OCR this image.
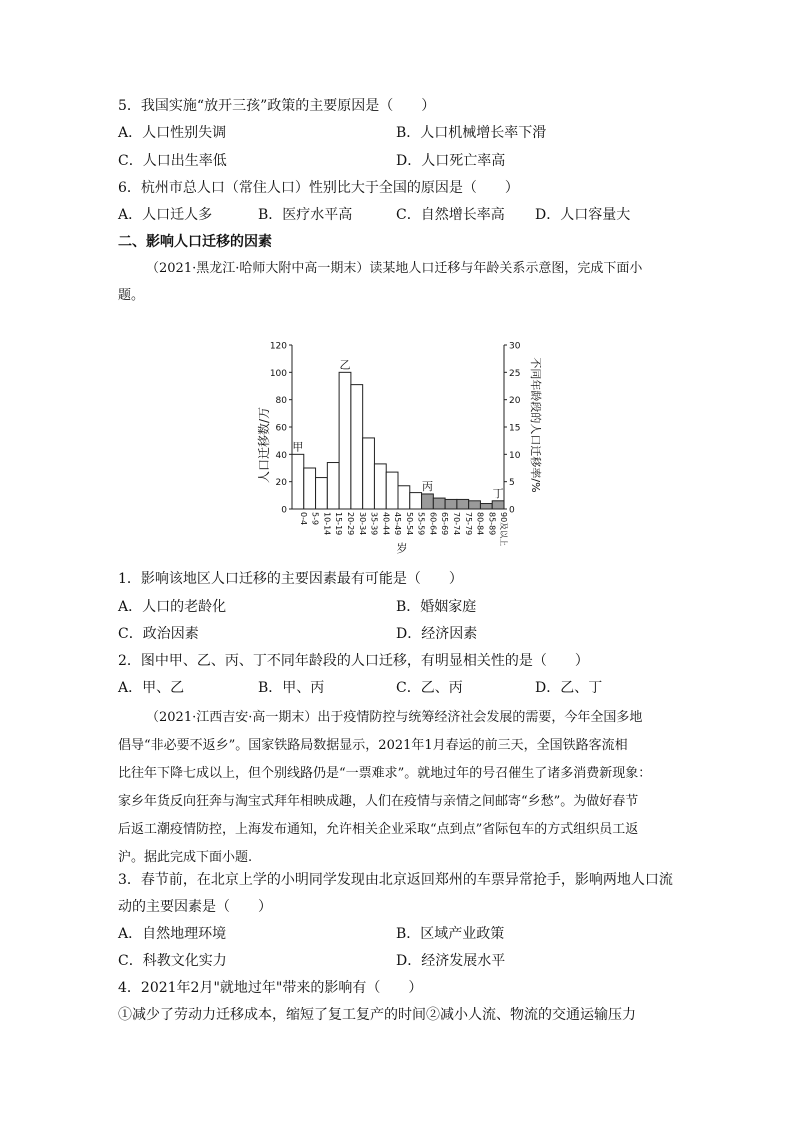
5．我国实施“放开三孩”政策的主要原因是（　　）
A．人口性别失调	B．人口机械增长率下滑
C．人口出生率低	D．人口死亡率高
6．杭州市总人口（常住人口）性别比大于全国的原因是（　　）
A．人口迁人多	B．医疗水平高	C．自然增长率高 D．人口容量大
二、影响人口迁移的因素
（2021·黑龙江·哈师大附中高一期末）读某地人口迁移与年龄关系示意图，完成下面小
题。
0	0
20	5
40	10
60	15
80	20
100	25
120	30
0-4 5-9 10-14 15-19 20-29 30-34 35-39 40-44 45-49 50-54 55-59 60-64 65-69 70-74 75-79 80-84 85-89 90及以上
甲
乙
丙
丁
人口迁移数/万	不同年龄段的人口迁移率/%
岁
1．影响该地区人口迁移的主要因素最有可能是（　　）
A．人口的老龄化	B．婚姻家庭
C．政治因素	D．经济因素
2．图中甲、乙、丙、丁不同年龄段的人口迁移，有明显相关性的是（　　）
A．甲、乙	B．甲、丙	C．乙、丙	D．乙、丁
（2021·江西吉安·高一期末）出于疫情防控与统筹经济社会发展的需要，今年全国多地
倡导“非必要不返乡”。国家铁路局数据显示，2021年1月春运的前三天，全国铁路客流相
比往年下降七成以上，但个别线路仍是“一票难求”。就地过年的号召催生了诸多消费新现象：
家乡年货反向狂奔与淘宝式拜年相映成趣，人们在疫情与亲情之间邮寄“乡愁”。为做好春节
后返工潮疫情防控，上海发布通知，允许相关企业采取“点到点”省际包车的方式组织员工返
沪。据此完成下面小题.
3．春节前，在北京上学的小明同学发现由北京返回郑州的车票异常抢手，影响两地人口流
动的主要因素是（　　）
A．自然地理环境	B．区域产业政策
C．科教文化实力	D．经济发展水平
4．2021年2月"就地过年"带来的影响有（　　）
①减少了劳动力迁移成本，缩短了复工复产的时间②减小人流、物流的交通运输压力
